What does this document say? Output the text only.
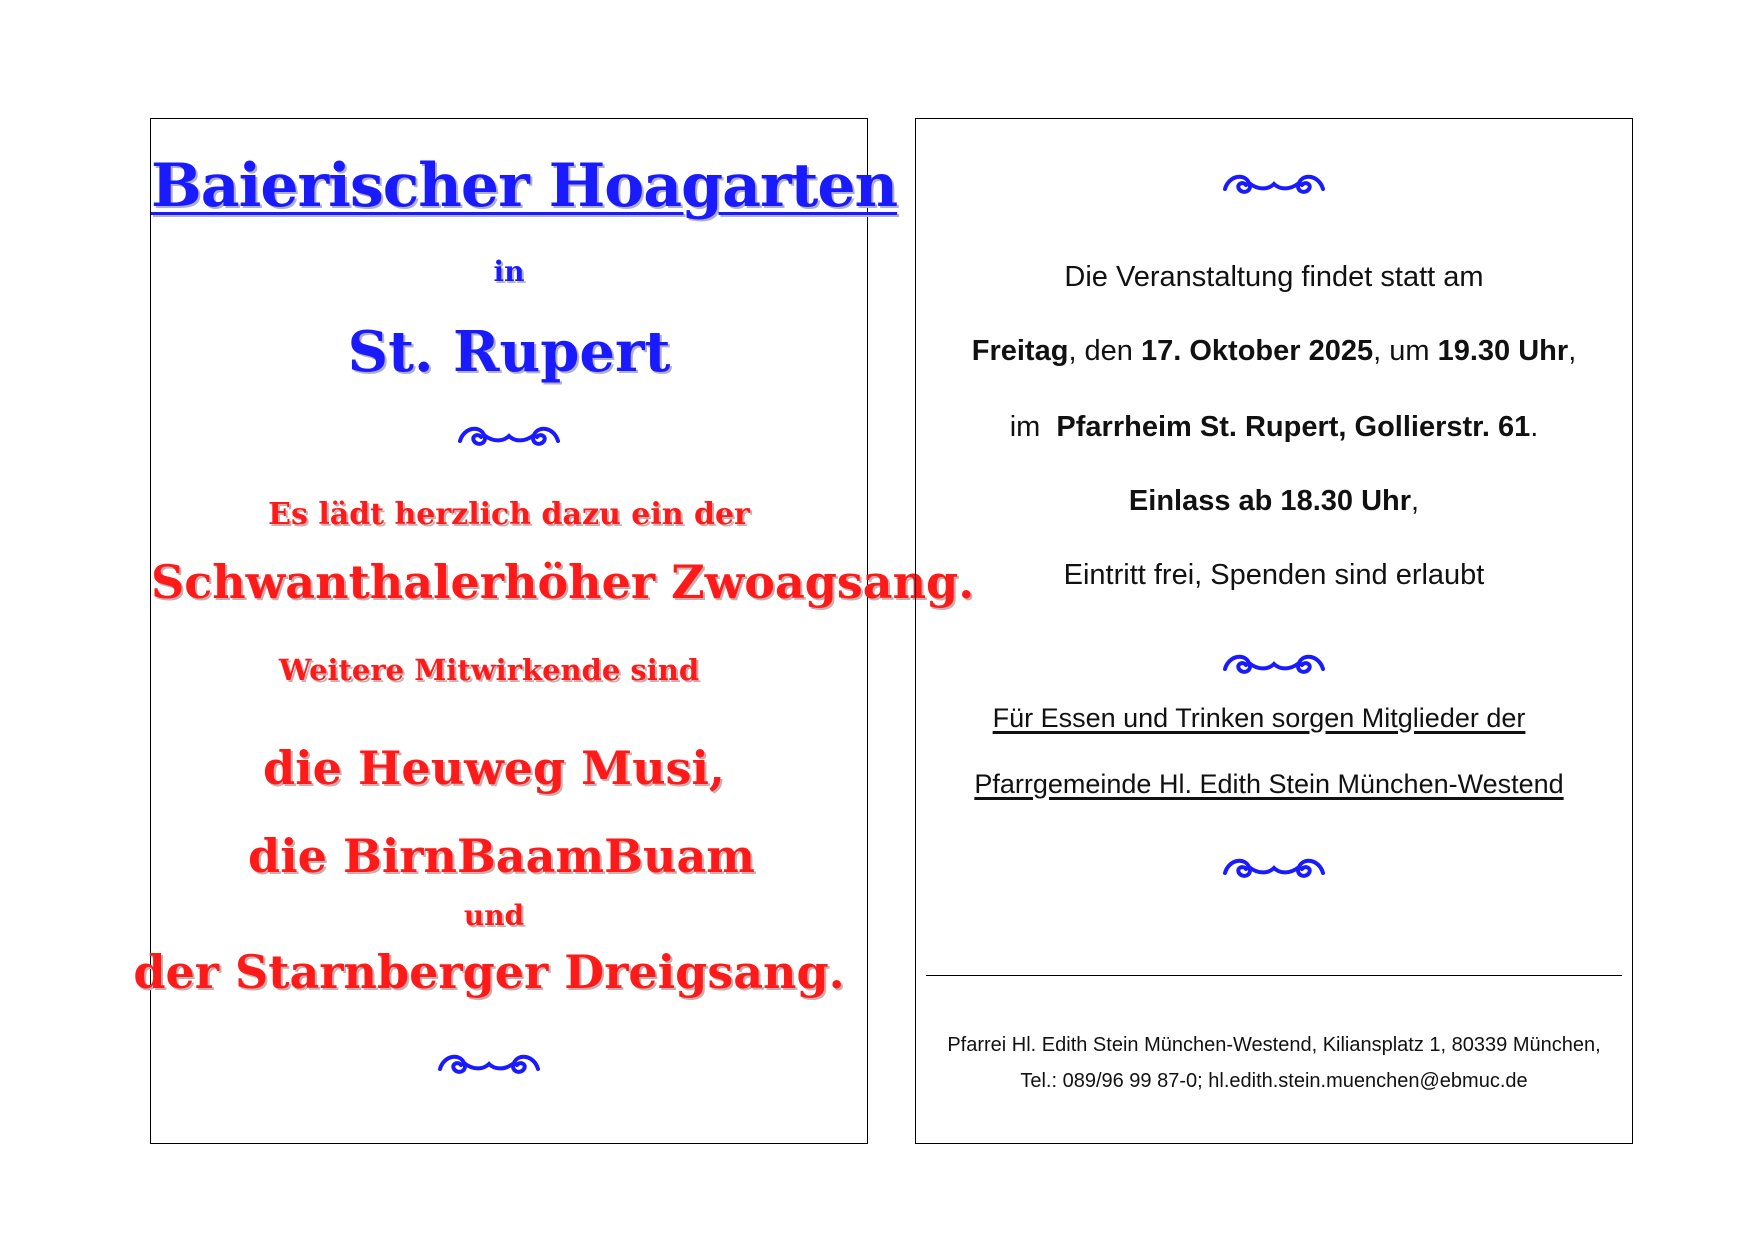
Baierischer Hoagarten
in
St. Rupert
Es lädt herzlich dazu ein der
Schwanthalerhöher Zwoagsang.
Weitere Mitwirkende sind
die Heuweg Musi,
die BirnBaamBuam
und
der Starnberger Dreigsang.
Die Veranstaltung findet statt am
Freitag, den 17. Oktober 2025, um 19.30 Uhr,
im  Pfarrheim St. Rupert, Gollierstr. 61.
Einlass ab 18.30 Uhr,
Eintritt frei, Spenden sind erlaubt
Für Essen und Trinken sorgen Mitglieder der
Pfarrgemeinde Hl. Edith Stein München-Westend
Pfarrei Hl. Edith Stein München-Westend, Kiliansplatz 1, 80339 München,
Tel.: 089/96 99 87-0; hl.edith.stein.muenchen@ebmuc.de
